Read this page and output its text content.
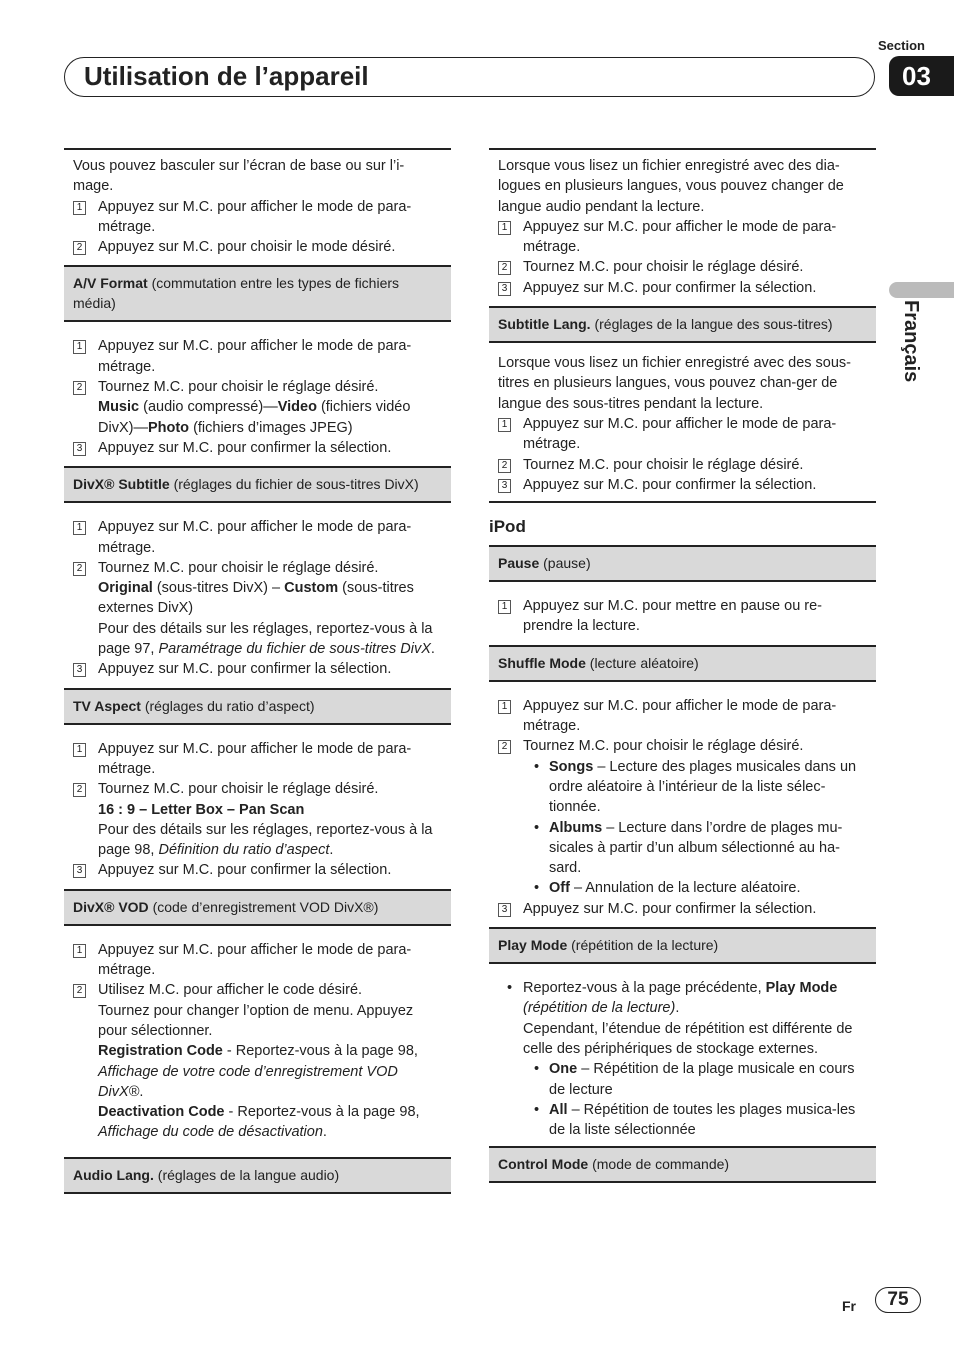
Section
03
Utilisation de l’appareil
Français
Vous pouvez basculer sur l’écran de base ou sur l’i-mage.
1 Appuyez sur M.C. pour afficher le mode de para-métrage.
2 Appuyez sur M.C. pour choisir le mode désiré.
A/V Format (commutation entre les types de fichiers média)
1 Appuyez sur M.C. pour afficher le mode de para-métrage.
2 Tournez M.C. pour choisir le réglage désiré.
Music (audio compressé)—Video (fichiers vidéo DivX)—Photo (fichiers d’images JPEG)
3 Appuyez sur M.C. pour confirmer la sélection.
DivX® Subtitle (réglages du fichier de sous-titres DivX)
1 Appuyez sur M.C. pour afficher le mode de para-métrage.
2 Tournez M.C. pour choisir le réglage désiré.
Original (sous-titres DivX) – Custom (sous-titres externes DivX)
Pour des détails sur les réglages, reportez-vous à la page 97, Paramétrage du fichier de sous-titres DivX.
3 Appuyez sur M.C. pour confirmer la sélection.
TV Aspect (réglages du ratio d’aspect)
1 Appuyez sur M.C. pour afficher le mode de para-métrage.
2 Tournez M.C. pour choisir le réglage désiré.
16 : 9 – Letter Box – Pan Scan
Pour des détails sur les réglages, reportez-vous à la page 98, Définition du ratio d’aspect.
3 Appuyez sur M.C. pour confirmer la sélection.
DivX® VOD (code d’enregistrement VOD DivX®)
1 Appuyez sur M.C. pour afficher le mode de para-métrage.
2 Utilisez M.C. pour afficher le code désiré.
Tournez pour changer l’option de menu. Appuyez pour sélectionner.
Registration Code - Reportez-vous à la page 98, Affichage de votre code d’enregistrement VOD DivX®.
Deactivation Code - Reportez-vous à la page 98, Affichage du code de désactivation.
Audio Lang. (réglages de la langue audio)
Lorsque vous lisez un fichier enregistré avec des dia-logues en plusieurs langues, vous pouvez changer de langue audio pendant la lecture.
1 Appuyez sur M.C. pour afficher le mode de para-métrage.
2 Tournez M.C. pour choisir le réglage désiré.
3 Appuyez sur M.C. pour confirmer la sélection.
Subtitle Lang. (réglages de la langue des sous-titres)
Lorsque vous lisez un fichier enregistré avec des sous-titres en plusieurs langues, vous pouvez chan-ger de langue des sous-titres pendant la lecture.
1 Appuyez sur M.C. pour afficher le mode de para-métrage.
2 Tournez M.C. pour choisir le réglage désiré.
3 Appuyez sur M.C. pour confirmer la sélection.
iPod
Pause (pause)
1 Appuyez sur M.C. pour mettre en pause ou re-prendre la lecture.
Shuffle Mode (lecture aléatoire)
1 Appuyez sur M.C. pour afficher le mode de para-métrage.
2 Tournez M.C. pour choisir le réglage désiré.
• Songs – Lecture des plages musicales dans un ordre aléatoire à l’intérieur de la liste sélec-tionnée.
• Albums – Lecture dans l’ordre de plages mu-sicales à partir d’un album sélectionné au ha-sard.
• Off – Annulation de la lecture aléatoire.
3 Appuyez sur M.C. pour confirmer la sélection.
Play Mode (répétition de la lecture)
• Reportez-vous à la page précédente, Play Mode (répétition de la lecture).
Cependant, l’étendue de répétition est différente de celle des périphériques de stockage externes.
• One – Répétition de la plage musicale en cours de lecture
• All – Répétition de toutes les plages musica-les de la liste sélectionnée
Control Mode (mode de commande)
Fr	75
